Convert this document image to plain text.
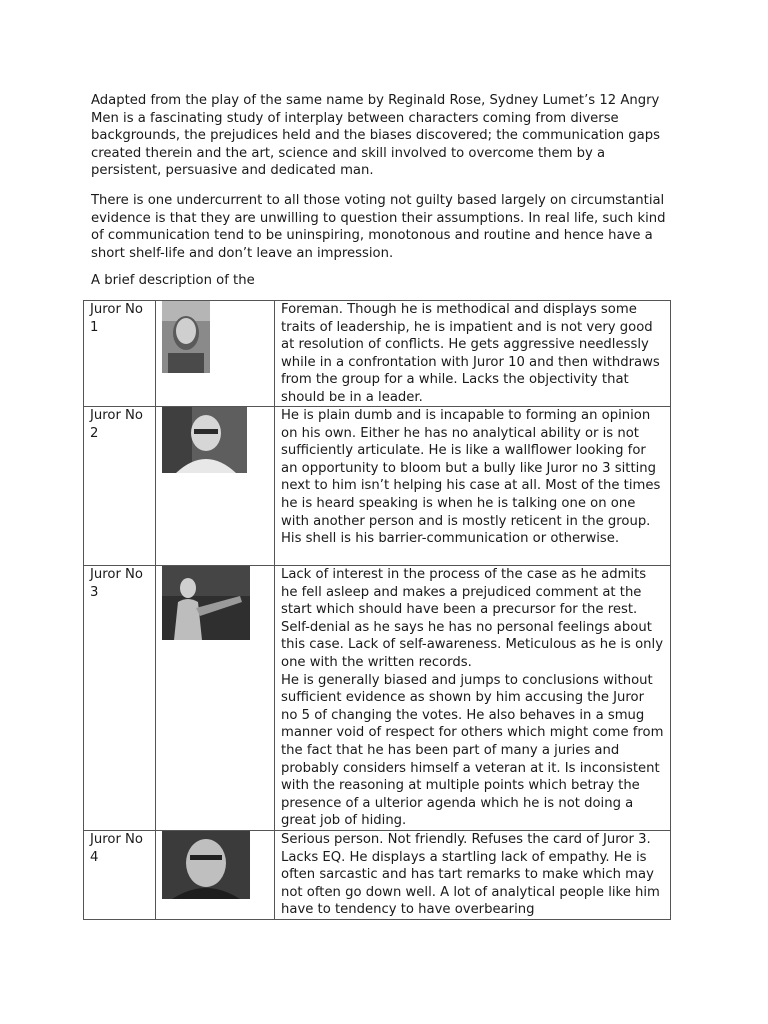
Adapted from the play of the same name by Reginald Rose, Sydney Lumet’s 12 Angry Men is a fascinating study of interplay between characters coming from diverse backgrounds, the prejudices held and the biases discovered; the communication gaps created therein and the art, science and skill involved to overcome them by a persistent, persuasive and dedicated man.

There is one undercurrent to all those voting not guilty based largely on circumstantial evidence is that they are unwilling to question their assumptions. In real life, such kind of communication tend to be uninspiring, monotonous and routine and hence have a short shelf-life and don’t leave an impression.

A brief description of the

Juror No 1		Foreman. Though he is methodical and displays some traits of leadership, he is impatient and is not very good at resolution of conflicts. He gets aggressive needlessly while in a confrontation with Juror 10 and then withdraws from the group for a while. Lacks the objectivity that should be in a leader.

Juror No 2		He is plain dumb and is incapable to forming an opinion on his own. Either he has no analytical ability or is not sufficiently articulate. He is like a wallflower looking for an opportunity to bloom but a bully like Juror no 3 sitting next to him isn’t helping his case at all. Most of the times he is heard speaking is when he is talking one on one with another person and is mostly reticent in the group. His shell is his barrier-communication or otherwise.

Juror No 3		Lack of interest in the process of the case as he admits he fell asleep and makes a prejudiced comment at the start which should have been a precursor for the rest. Self-denial as he says he has no personal feelings about this case. Lack of self-awareness. Meticulous as he is only one with the written records.

He is generally biased and jumps to conclusions without sufficient evidence as shown by him accusing the Juror no 5 of changing the votes. He also behaves in a smug manner void of respect for others which might come from the fact that he has been part of many a juries and probably considers himself a veteran at it. Is inconsistent with the reasoning at multiple points which betray the presence of a ulterior agenda which he is not doing a great job of hiding.

Juror No 4		Serious person. Not friendly. Refuses the card of Juror 3. Lacks EQ. He displays a startling lack of empathy. He is often sarcastic and has tart remarks to make which may not often go down well. A lot of analytical people like him have to tendency to have overbearing
